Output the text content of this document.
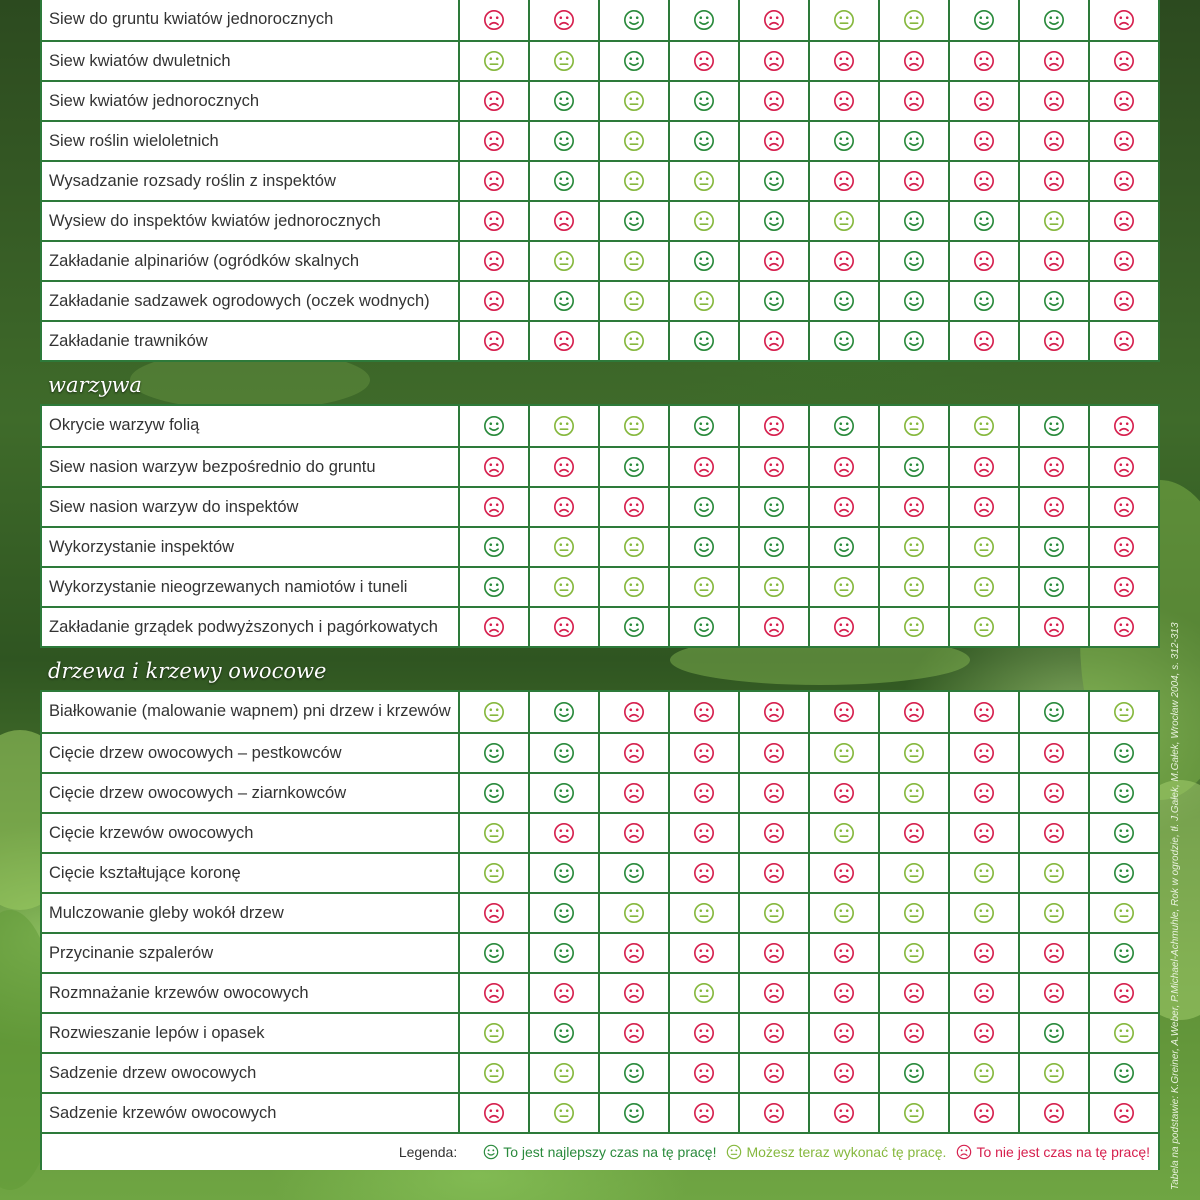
Siew do gruntu kwiatów jednorocznych
Siew kwiatów dwuletnich
Siew kwiatów jednorocznych
Siew roślin wieloletnich
Wysadzanie rozsady roślin z inspektów
Wysiew do inspektów kwiatów jednorocznych
Zakładanie alpinariów (ogródków skalnych
Zakładanie sadzawek ogrodowych (oczek wodnych)
Zakładanie trawników
warzywa
Okrycie warzyw folią
Siew nasion warzyw bezpośrednio do gruntu
Siew nasion warzyw do inspektów
Wykorzystanie inspektów
Wykorzystanie nieogrzewanych namiotów i tuneli
Zakładanie grządek podwyższonych i pagórkowatych
drzewa i krzewy owocowe
Białkowanie (malowanie wapnem) pni drzew i krzewów
Cięcie drzew owocowych – pestkowców
Cięcie drzew owocowych – ziarnkowców
Cięcie krzewów owocowych
Cięcie kształtujące koronę
Mulczowanie gleby wokół drzew
Przycinanie szpalerów
Rozmnażanie krzewów owocowych
Rozwieszanie lepów i opasek
Sadzenie drzew owocowych
Sadzenie krzewów owocowych
Legenda:	To jest najlepszy czas na tę pracę! Możesz teraz wykonać tę pracę. To nie jest czas na tę pracę! Tabela na podstawie: K.Greiner, A.Weber, P.Michael-Achmuhle, Rok w ogrodzie, tł. J.Gałek, M.Gałek, Wrocław 2004, s. 312-313
